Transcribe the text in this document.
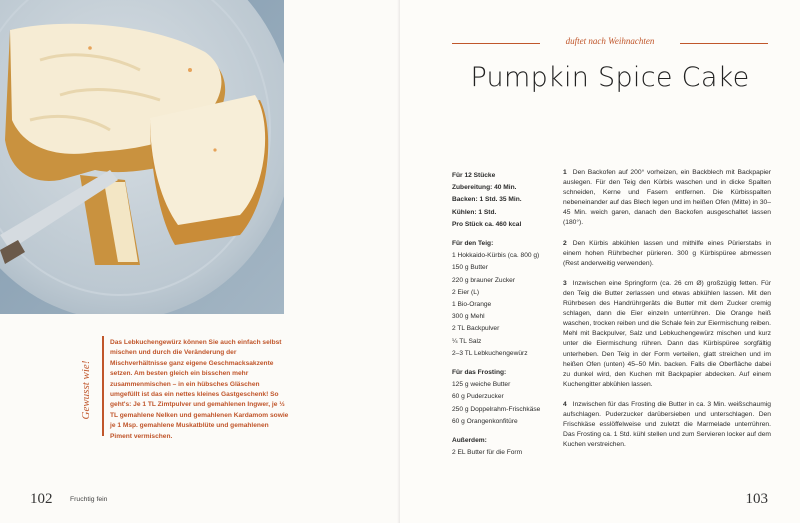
Gewusst wie!

Das Lebkuchengewürz können Sie auch einfach selbst mischen und durch die Veränderung der Mischverhältnisse ganz eigene Geschmacksakzente setzen. Am besten gleich ein bisschen mehr zusammenmischen – in ein hübsches Gläschen umgefüllt ist das ein nettes kleines Gastgeschenk! So geht's: Je 1 TL Zimtpulver und gemahlenen Ingwer, je ½ TL gemahlene Nelken und gemahlenen Kardamom sowie je 1 Msp. gemahlene Muskatblüte und gemahlenen Piment vermischen.

102	Fruchtig fein
duftet nach Weihnachten
Pumpkin Spice Cake
Für 12 Stücke
Zubereitung: 40 Min.
Backen: 1 Std. 35 Min.
Kühlen: 1 Std.
Pro Stück ca. 460 kcal
Für den Teig:
1 Hokkaido-Kürbis (ca. 800 g)
150 g Butter
220 g brauner Zucker
2 Eier (L)
1 Bio-Orange
300 g Mehl
2 TL Backpulver
¼ TL Salz
2–3 TL Lebkuchengewürz
Für das Frosting:
125 g weiche Butter
60 g Puderzucker
250 g Doppelrahm-Frischkäse
60 g Orangenkonfitüre
Außerdem:
2 EL Butter für die Form

1 Den Backofen auf 200° vorheizen, ein Backblech mit Backpapier auslegen. Für den Teig den Kürbis waschen und in dicke Spalten schneiden, Kerne und Fasern entfernen. Die Kürbisspalten nebeneinander auf das Blech legen und im heißen Ofen (Mitte) in 30–45 Min. weich garen, danach den Backofen ausgeschaltet lassen (180°).

2 Den Kürbis abkühlen lassen und mithilfe eines Pürierstabs in einem hohen Rührbecher pürieren. 300 g Kürbispüree abmessen (Rest anderweitig verwenden).

3 Inzwischen eine Springform (ca. 26 cm Ø) großzügig fetten. Für den Teig die Butter zerlassen und etwas abkühlen lassen. Mit den Rührbesen des Handrührgeräts die Butter mit dem Zucker cremig schlagen, dann die Eier einzeln unterrühren. Die Orange heiß waschen, trocken reiben und die Schale fein zur Eiermischung reiben. Mehl mit Backpulver, Salz und Lebkuchengewürz mischen und kurz unter die Eiermischung rühren. Dann das Kürbispüree sorgfältig unterheben. Den Teig in der Form verteilen, glatt streichen und im heißen Ofen (unten) 45–50 Min. backen. Falls die Oberfläche dabei zu dunkel wird, den Kuchen mit Backpapier abdecken. Auf einem Kuchengitter abkühlen lassen.

4 Inzwischen für das Frosting die Butter in ca. 3 Min. weißschaumig aufschlagen. Puderzucker darübersieben und unterschlagen. Den Frischkäse esslöffelweise und zuletzt die Marmelade unterrühren. Das Frosting ca. 1 Std. kühl stellen und zum Servieren locker auf dem Kuchen verstreichen.

103
